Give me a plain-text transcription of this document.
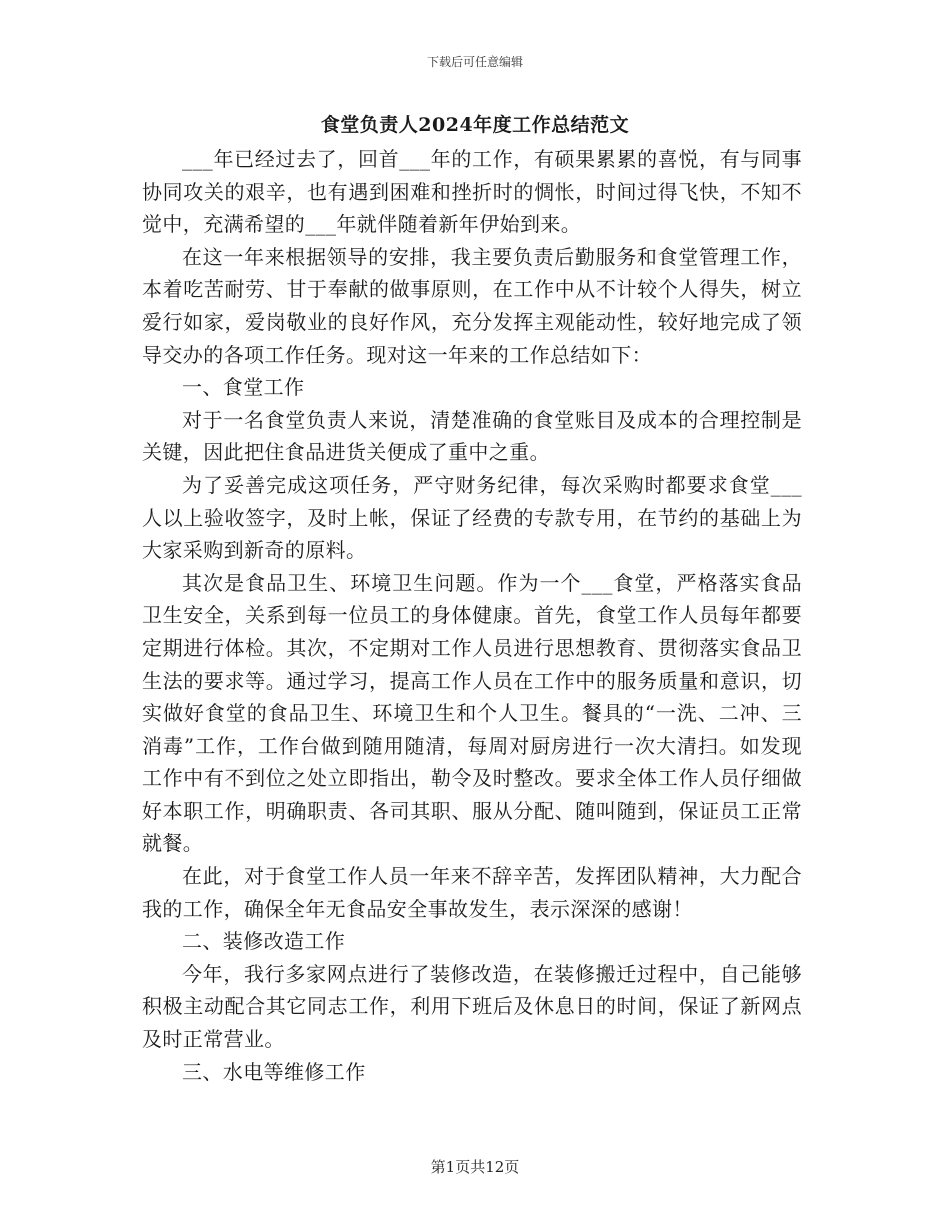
下载后可任意编辑
食堂负责人2024年度工作总结范文

___年已经过去了，回首___年的工作，有硕果累累的喜悦，有与同事协同攻关的艰辛，也有遇到困难和挫折时的惆怅，时间过得飞快，不知不觉中，充满希望的___年就伴随着新年伊始到来。

在这一年来根据领导的安排，我主要负责后勤服务和食堂管理工作，本着吃苦耐劳、甘于奉献的做事原则，在工作中从不计较个人得失，树立爱行如家，爱岗敬业的良好作风，充分发挥主观能动性，较好地完成了领导交办的各项工作任务。现对这一年来的工作总结如下：

一、食堂工作

对于一名食堂负责人来说，清楚准确的食堂账目及成本的合理控制是关键，因此把住食品进货关便成了重中之重。

为了妥善完成这项任务，严守财务纪律，每次采购时都要求食堂___人以上验收签字，及时上帐，保证了经费的专款专用，在节约的基础上为大家采购到新奇的原料。

其次是食品卫生、环境卫生问题。作为一个___食堂，严格落实食品卫生安全，关系到每一位员工的身体健康。首先，食堂工作人员每年都要定期进行体检。其次，不定期对工作人员进行思想教育、贯彻落实食品卫生法的要求等。通过学习，提高工作人员在工作中的服务质量和意识，切实做好食堂的食品卫生、环境卫生和个人卫生。餐具的“一洗、二冲、三消毒”工作，工作台做到随用随清，每周对厨房进行一次大清扫。如发现工作中有不到位之处立即指出，勒令及时整改。要求全体工作人员仔细做好本职工作，明确职责、各司其职、服从分配、随叫随到，保证员工正常就餐。

在此，对于食堂工作人员一年来不辞辛苦，发挥团队精神，大力配合我的工作，确保全年无食品安全事故发生，表示深深的感谢！

二、装修改造工作

今年，我行多家网点进行了装修改造，在装修搬迁过程中，自己能够积极主动配合其它同志工作，利用下班后及休息日的时间，保证了新网点及时正常营业。

三、水电等维修工作

第1页共12页
